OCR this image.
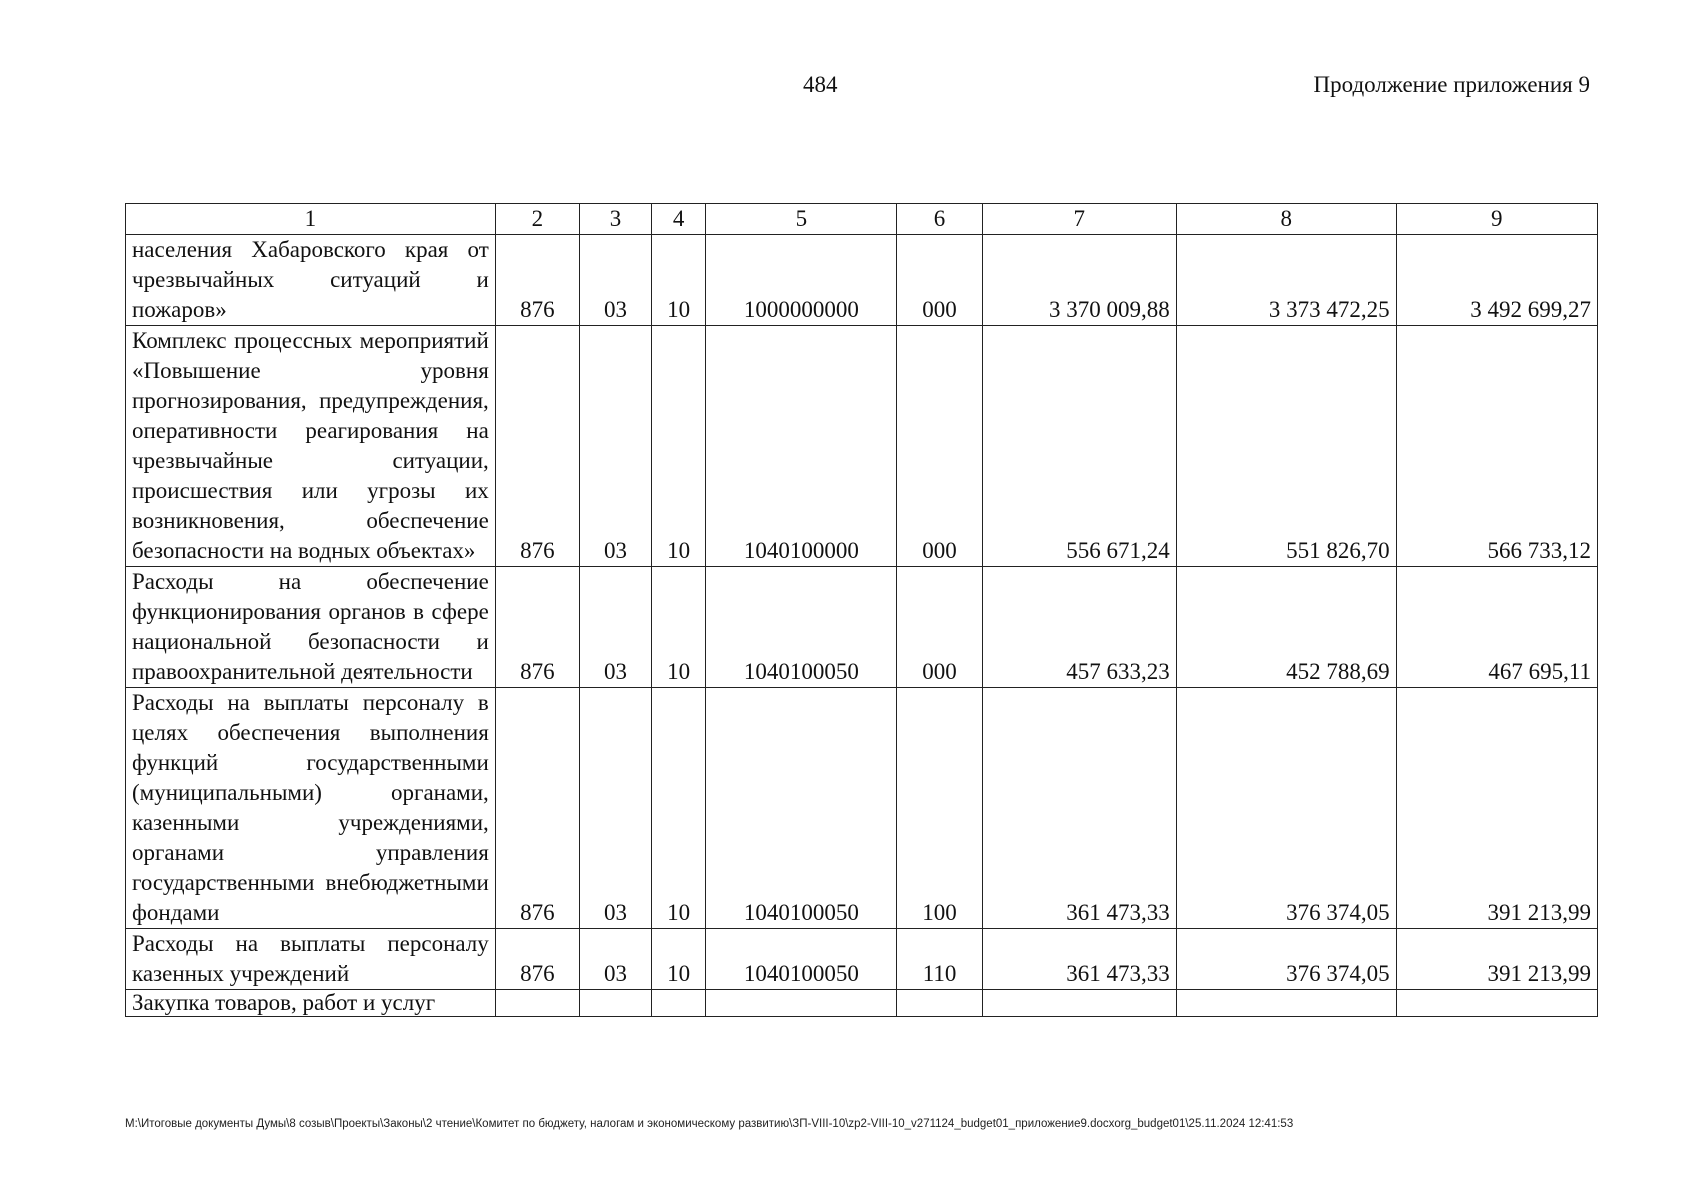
484	Продолжение приложения 9
1	2	3	4	5	6	7	8	9
населения Хабаровского края от чрезвычайных ситуаций и пожаров»	876	03	10	1000000000	000	3 370 009,88	3 373 472,25	3 492 699,27
Комплекс процессных мероприятий «Повышение уровня прогнозирования, предупреждения, оперативности реагирования на чрезвычайные ситуации, происшествия или угрозы их возникновения, обеспечение безопасности на водных объектах»	876	03	10	1040100000	000	556 671,24	551 826,70	566 733,12
Расходы на обеспечение функционирования органов в сфере национальной безопасности и правоохранительной деятельности	876	03	10	1040100050	000	457 633,23	452 788,69	467 695,11
Расходы на выплаты персоналу в целях обеспечения выполнения функций государственными (муниципальными) органами, казенными учреждениями, органами управления государственными внебюджетными фондами	876	03	10	1040100050	100	361 473,33	376 374,05	391 213,99
Расходы на выплаты персоналу казенных учреждений	876	03	10	1040100050	110	361 473,33	376 374,05	391 213,99
Закупка товаров, работ и услуг								
М:\Итоговые документы Думы\8 созыв\Проекты\Законы\2 чтение\Комитет по бюджету, налогам и экономическому развитию\ЗП-VIII-10\zp2-VIII-10_v271124_budget01_приложение9.docxorg_budget01\25.11.2024 12:41:53
